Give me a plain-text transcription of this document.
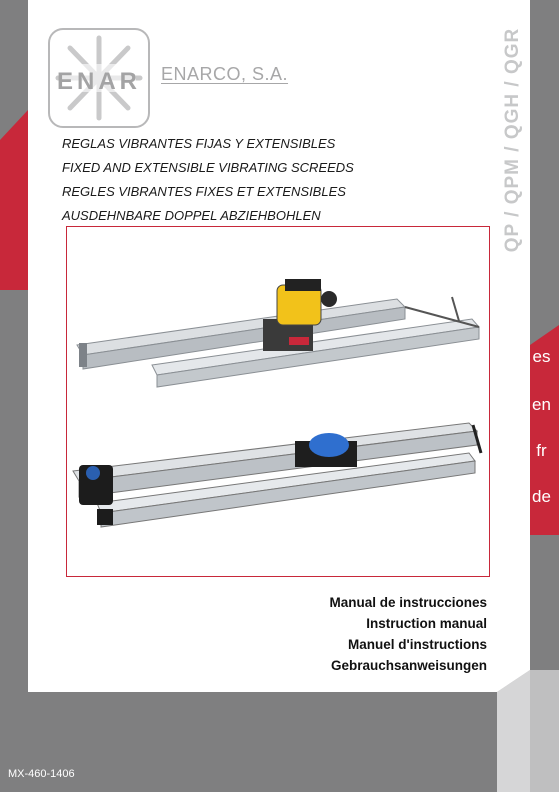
QP / QPM / QGH / QGR
es
en
fr
de
MX-460-1406
ENAR ENARCO, S.A.
REGLAS VIBRANTES FIJAS Y EXTENSIBLES
FIXED AND EXTENSIBLE VIBRATING SCREEDS
REGLES VIBRANTES FIXES ET EXTENSIBLES
AUSDEHNBARE DOPPEL ABZIEHBOHLEN
Manual de instrucciones
Instruction manual
Manuel d'instructions
Gebrauchsanweisungen
